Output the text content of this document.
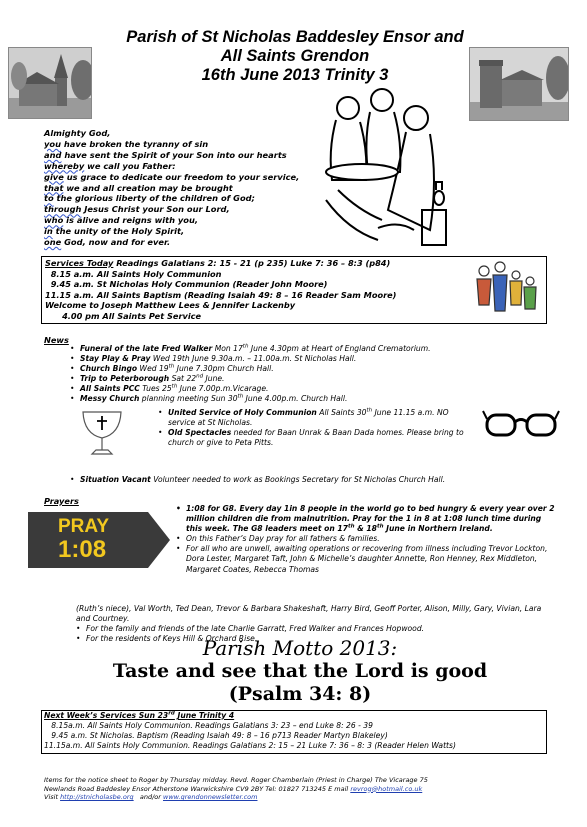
Parish of St Nicholas Baddesley Ensor and
All Saints Grendon
16th June 2013 Trinity 3
Almighty God,
you have broken the tyranny of sin
and have sent the Spirit of your Son into our hearts
whereby we call you Father:
give us grace to dedicate our freedom to your service,
that we and all creation may be brought
to the glorious liberty of the children of God;
through Jesus Christ your Son our Lord,
who is alive and reigns with you,
in the unity of the Holy Spirit,
one God, now and for ever.
Services Today Readings Galatians 2: 15 - 21 (p 235) Luke 7: 36 – 8:3 (p84)
8.15 a.m. All Saints Holy Communion
9.45 a.m. St Nicholas Holy Communion (Reader John Moore)
11.15 a.m. All Saints Baptism (Reading Isaiah 49: 8 – 16 Reader Sam Moore)
Welcome to Joseph Matthew Lees & Jennifer Lackenby
4.00 pm All Saints Pet Service
News
• Funeral of the late Fred Walker Mon 17th June 4.30pm at Heart of England Crematorium.
• Stay Play & Pray Wed 19th June 9.30a.m. – 11.00a.m. St Nicholas Hall.
• Church Bingo Wed 19th June 7.30pm Church Hall.
• Trip to Peterborough Sat 22nd June.
• All Saints PCC Tues 25th June 7.00p.m.Vicarage.
• Messy Church planning meeting Sun 30th June 4.00p.m. Church Hall.
• United Service of Holy Communion All Saints 30th June 11.15 a.m. NO service at St Nicholas.
• Old Spectacles needed for Baan Unrak & Baan Dada homes. Please bring to church or give to Peta Pitts.
• Situation Vacant Volunteer needed to work as Bookings Secretary for St Nicholas Church Hall.
Prayers
PRAY
1:08
• 1:08 for G8. Every day 1in 8 people in the world go to bed hungry & every year over 2 million children die from malnutrition. Pray for the 1 in 8 at 1:08 lunch time during this week. The G8 leaders meet on 17th & 18th June in Northern Ireland.
• On this Father’s Day pray for all fathers & families.
• For all who are unwell, awaiting operations or recovering from illness including Trevor Lockton, Dora Lester, Margaret Taft, John & Michelle’s daughter Annette, Ron Henney, Rex Middleton, Margaret Coates, Rebecca Thomas
(Ruth’s niece), Val Worth, Ted Dean, Trevor & Barbara Shakeshaft, Harry Bird, Geoff Porter, Alison, Milly, Gary, Vivian, Lara and Courtney.
• For the family and friends of the late Charlie Garratt, Fred Walker and Frances Hopwood.
• For the residents of Keys Hill & Orchard Rise.
Parish Motto 2013:
Taste and see that the Lord is good
(Psalm 34: 8)
Next Week’s Services Sun 23rd June Trinity 4
8.15a.m. All Saints Holy Communion. Readings Galatians 3: 23 – end Luke 8: 26 - 39
9.45 a.m. St Nicholas. Baptism (Reading Isaiah 49: 8 – 16 p713 Reader Martyn Blakeley)
11.15a.m. All Saints Holy Communion. Readings Galatians 2: 15 – 21 Luke 7: 36 – 8: 3 (Reader Helen Watts)
Items for the notice sheet to Roger by Thursday midday. Revd. Roger Chamberlain (Priest in Charge) The Vicarage 75
Newlands Road Baddesley Ensor Atherstone Warwickshire CV9 2BY Tel: 01827 713245 E mail revrog@hotmail.co.uk
Visit http://stnicholasbe.org   and/or www.grendonnewsletter.com
